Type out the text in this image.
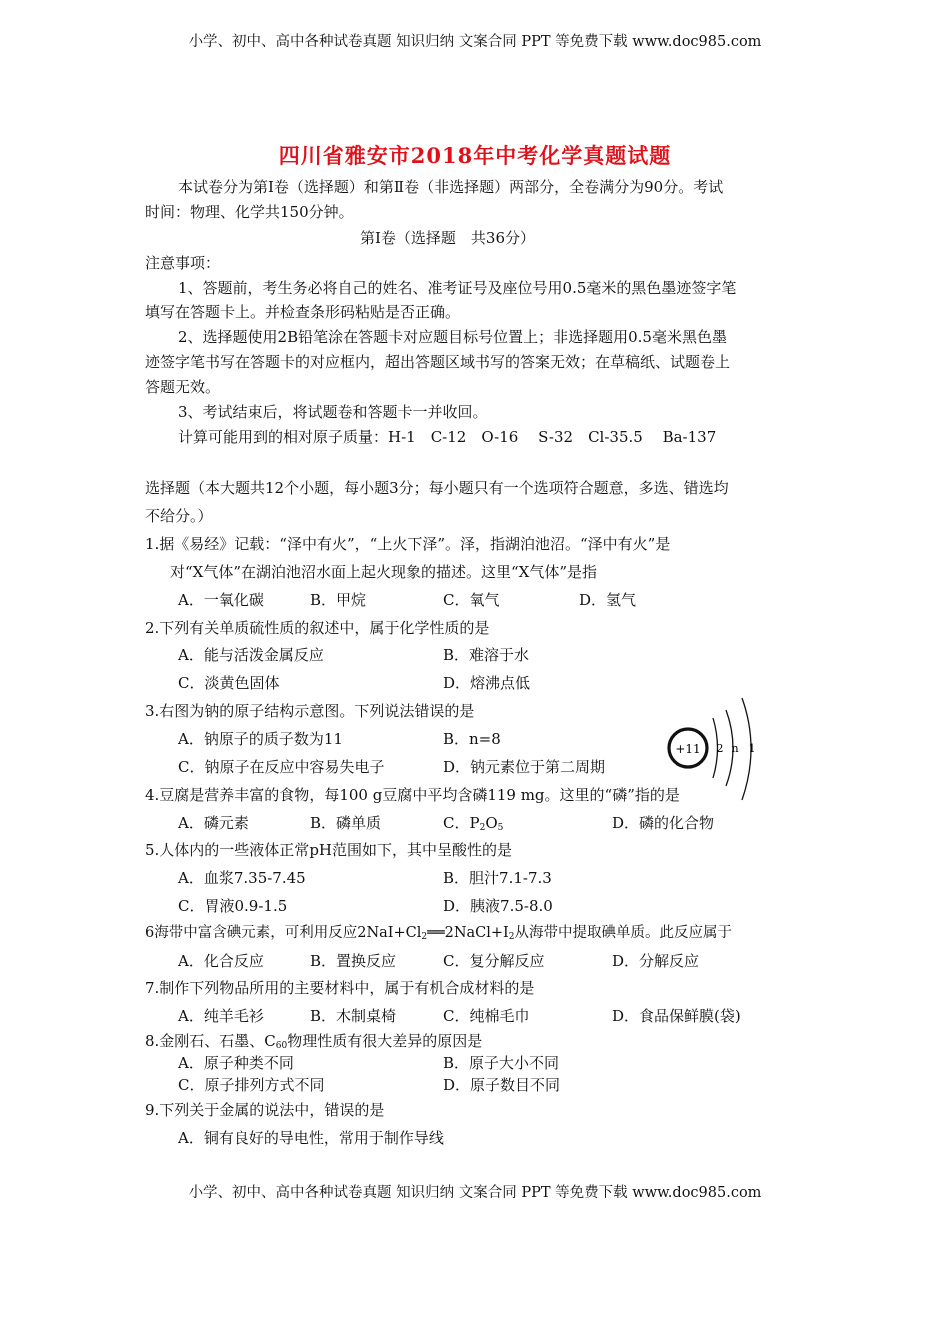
小学、初中、高中各种试卷真题 知识归纳 文案合同 PPT 等免费下载 www.doc985.com
四川省雅安市2018年中考化学真题试题
本试卷分为第Ⅰ卷（选择题）和第Ⅱ卷（非选择题）两部分，全卷满分为90分。考试
时间：物理、化学共150分钟。
第Ⅰ卷（选择题　共36分）
注意事项：
1、答题前，考生务必将自己的姓名、准考证号及座位号用0.5毫米的黑色墨迹签字笔
填写在答题卡上。并检查条形码粘贴是否正确。
2、选择题使用2B铅笔涂在答题卡对应题目标号位置上；非选择题用0.5毫米黑色墨
迹签字笔书写在答题卡的对应框内，超出答题区域书写的答案无效；在草稿纸、试题卷上
答题无效。
3、考试结束后，将试题卷和答题卡一并收回。
计算可能用到的相对原子质量：H-1　C-12　O-16　 S-32　Cl-35.5　 Ba-137
选择题（本大题共12个小题，每小题3分；每小题只有一个选项符合题意，多选、错选均
不给分。）
1.据《易经》记载：“泽中有火”，“上火下泽”。泽，指湖泊池沼。“泽中有火”是
对“X气体”在湖泊池沼水面上起火现象的描述。这里“X气体”是指
A．一氧化碳	B．甲烷	C．氧气	D．氢气
2.下列有关单质硫性质的叙述中，属于化学性质的是
A．能与活泼金属反应	B．难溶于水
C．淡黄色固体	D．熔沸点低
3.右图为钠的原子结构示意图。下列说法错误的是
A．钠原子的质子数为11	B．n=8
C．钠原子在反应中容易失电子	D．钠元素位于第二周期
+11 2 n 1
4.豆腐是营养丰富的食物，每100 g豆腐中平均含磷119 mg。这里的“磷”指的是
A．磷元素	B．磷单质	C．$P_2O_5$	D．磷的化合物
5.人体内的一些液体正常pH范围如下，其中呈酸性的是
A．血浆7.35-7.45	B．胆汁7.1-7.3
C．胃液0.9-1.5	D．胰液7.5-8.0
6海带中富含碘元素，可利用反应$2NaI+Cl_2══2NaCl+I_2$从海带中提取碘单质。此反应属于
A．化合反应	B．置换反应	C．复分解反应	D．分解反应
7.制作下列物品所用的主要材料中，属于有机合成材料的是
A．纯羊毛衫	B．木制桌椅	C．纯棉毛巾	D．食品保鲜膜(袋)
8.金刚石、石墨、$C_{60}$物理性质有很大差异的原因是
A．原子种类不同	B．原子大小不同
C．原子排列方式不同	D．原子数目不同
9.下列关于金属的说法中，错误的是
A．铜有良好的导电性，常用于制作导线
小学、初中、高中各种试卷真题 知识归纳 文案合同 PPT 等免费下载 www.doc985.com
